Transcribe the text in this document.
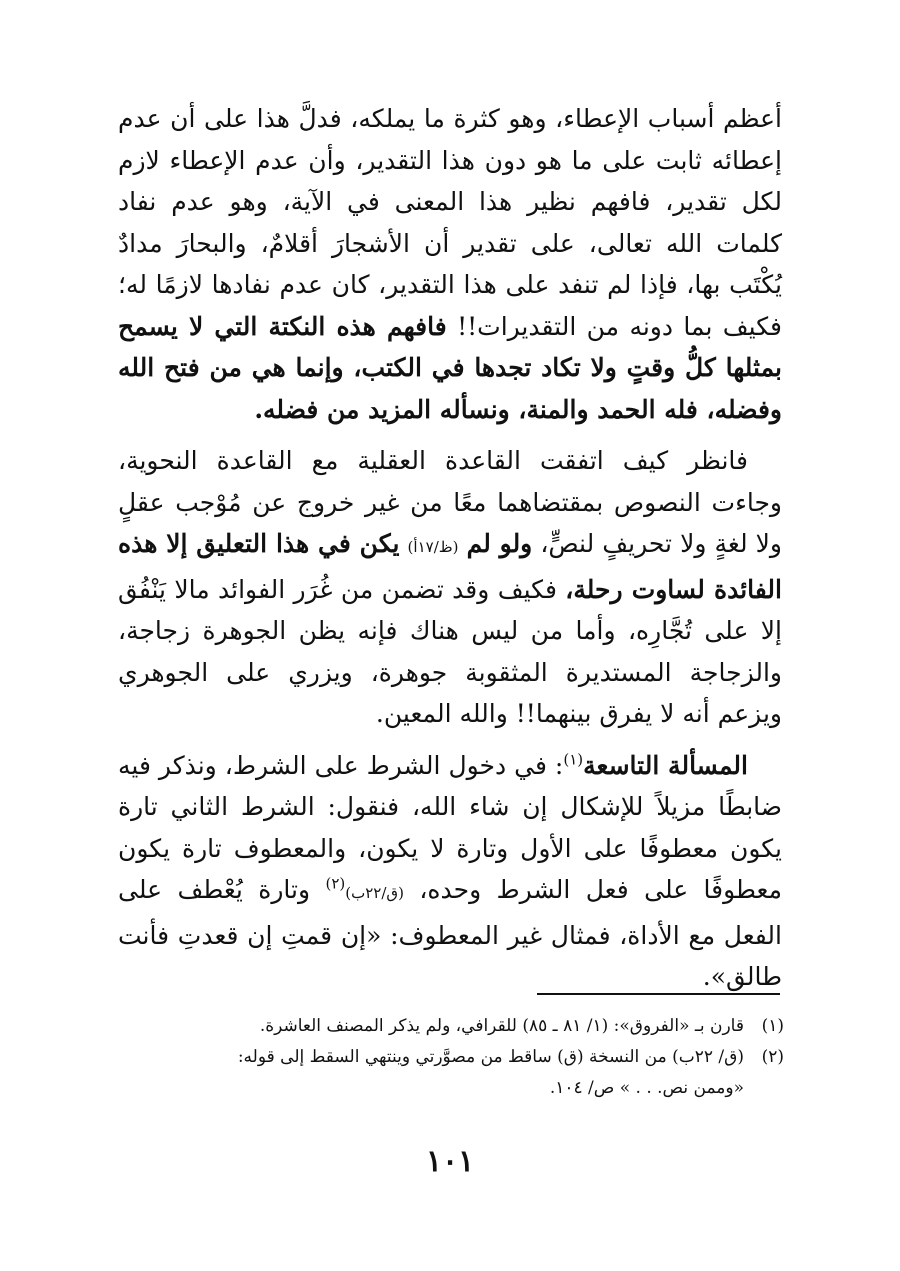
أعظم أسباب الإعطاء، وهو كثرة ما يملكه، فدلَّ هذا على أن عدم إعطائه ثابت على ما هو دون هذا التقدير، وأن عدم الإعطاء لازم لكل تقدير، فافهم نظير هذا المعنى في الآية، وهو عدم نفاد كلمات الله تعالى، على تقدير أن الأشجارَ أقلامٌ، والبحارَ مدادٌ يُكْتَب بها، فإذا لم تنفد على هذا التقدير، كان عدم نفادها لازمًا له؛ فكيف بما دونه من التقديرات!! فافهم هذه النكتة التي لا يسمح بمثلها كلُّ وقتٍ ولا تكاد تجدها في الكتب، وإنما هي من فتح الله وفضله، فله الحمد والمنة، ونسأله المزيد من فضله.

فانظر كيف اتفقت القاعدة العقلية مع القاعدة النحوية، وجاءت النصوص بمقتضاهما معًا من غير خروج عن مُوْجب عقلٍ ولا لغةٍ ولا تحريفٍ لنصٍّ، ولو لم (ظ/١٧أ) يكن في هذا التعليق إلا هذه الفائدة لساوت رحلة، فكيف وقد تضمن من غُرَر الفوائد مالا يَنْفُق إلا على تُجَّارِه، وأما من ليس هناك فإنه يظن الجوهرة زجاجة، والزجاجة المستديرة المثقوبة جوهرة، ويزري على الجوهري ويزعم أنه لا يفرق بينهما!! والله المعين.

المسألة التاسعة$^{(١)}$: في دخول الشرط على الشرط، ونذكر فيه ضابطًا مزيلاً للإشكال إن شاء الله، فنقول: الشرط الثاني تارة يكون معطوفًا على الأول وتارة لا يكون، والمعطوف تارة يكون معطوفًا على فعل الشرط وحده، (ق/٢٢ب)$^{(٢)}$ وتارة يُعْطف على الفعل مع الأداة، فمثال غير المعطوف: «إن قمتِ إن قعدتِ فأنت طالق».

(١)قارن بـ «الفروق»: (١/ ٨١ ـ ٨٥) للقرافي، ولم يذكر المصنف العاشرة.

(٢)(ق/ ٢٢ب) من النسخة (ق) ساقط من مصوَّرتي وينتهي السقط إلى قوله:

«وممن نص. . . » ص/ ١٠٤.

١٠١
